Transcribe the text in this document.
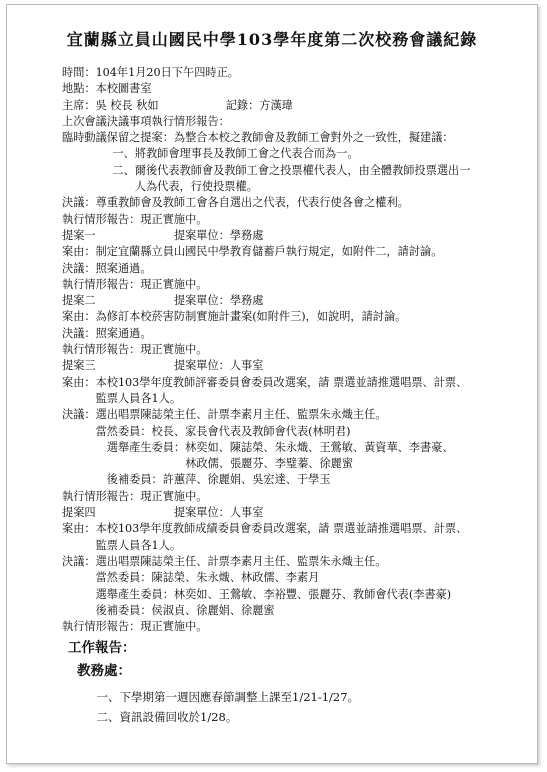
宜蘭縣立員山國民中學103學年度第二次校務會議紀錄
時間：104年1月20日下午四時正。
地點：本校圖書室
主席：吳 校長 秋如　　　　　　記錄：方漢瑋
上次會議決議事項執行情形報告：
臨時動議保留之提案：為整合本校之教師會及教師工會對外之一致性，擬建議：
一、將教師會理事長及教師工會之代表合而為一。
二、爾後代表教師會及教師工會之投票權代表人，由全體教師投票選出一
人為代表，行使投票權。
決議：尊重教師會及教師工會各自選出之代表，代表行使各會之權利。
執行情形報告：現正實施中。
提案一　　　　　　　提案單位：學務處
案由：制定宜蘭縣立員山國民中學教育儲蓄戶執行規定，如附件二，請討論。
決議：照案通過。
執行情形報告：現正實施中。
提案二　　　　　　　提案單位：學務處
案由：為修訂本校菸害防制實施計畫案(如附件三)，如說明，請討論。
決議：照案通過。
執行情形報告：現正實施中。
提案三　　　　　　　提案單位：人事室
案由：本校103學年度教師評審委員會委員改選案，請 票選並請推選唱票、計票、
監票人員各1人。
決議：選出唱票陳誌榮主任、計票李素月主任、監票朱永熾主任。
當然委員：校長、家長會代表及教師會代表(林明君)
選舉產生委員：林奕如、陳誌榮、朱永熾、王鶯敏、黃資華、李書豪、
林政儒、張麗芬、李璧蓁、徐麗蜜
後補委員：許蕙萍、徐麗娟、吳宏達、于學玉
執行情形報告：現正實施中。
提案四　　　　　　　提案單位：人事室
案由：本校103學年度教師成績委員會委員改選案，請 票選並請推選唱票、計票、
監票人員各1人。
決議：選出唱票陳誌榮主任、計票李素月主任、監票朱永熾主任。
當然委員：陳誌榮、朱永熾、林政儒、李素月
選舉產生委員：林奕如、王鶯敏、李裕豐、張麗芬、教師會代表(李書豪)
後補委員：侯淑貞、徐麗娟、徐麗蜜
執行情形報告：現正實施中。
工作報告：
教務處：
一、下學期第一週因應春節調整上課至1/21-1/27。
二、資訊設備回收於1/28。
